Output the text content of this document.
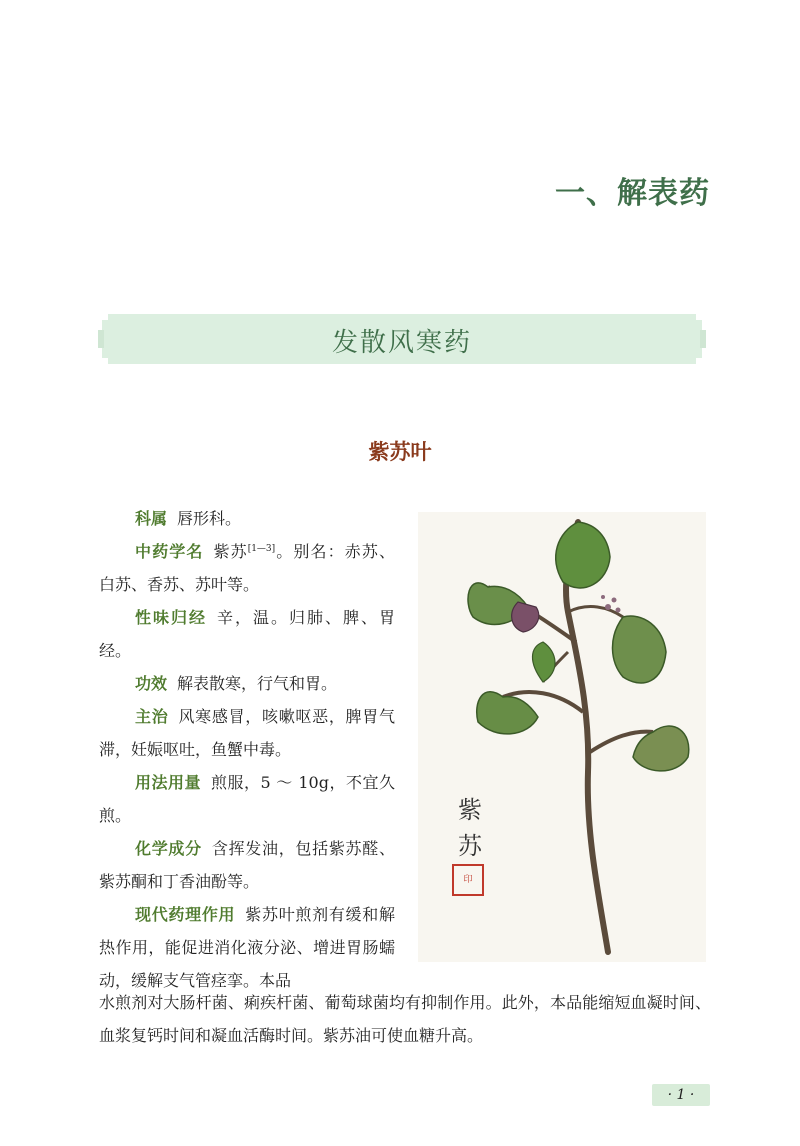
一、解表药
发散风寒药
紫苏叶

科属 唇形科。

中药学名 紫苏[1—3]。别名：赤苏、白苏、香苏、苏叶等。

性味归经 辛，温。归肺、脾、胃经。

功效 解表散寒，行气和胃。

主治 风寒感冒，咳嗽呕恶，脾胃气滞，妊娠呕吐，鱼蟹中毒。

用法用量 煎服，5 ～ 10g，不宜久煎。

化学成分 含挥发油，包括紫苏醛、紫苏酮和丁香油酚等。

现代药理作用 紫苏叶煎剂有缓和解热作用，能促进消化液分泌、增进胃肠蠕动，缓解支气管痉挛。本品

紫苏
印

水煎剂对大肠杆菌、痢疾杆菌、葡萄球菌均有抑制作用。此外，本品能缩短血凝时间、血浆复钙时间和凝血活酶时间。紫苏油可使血糖升高。

· 1 ·
